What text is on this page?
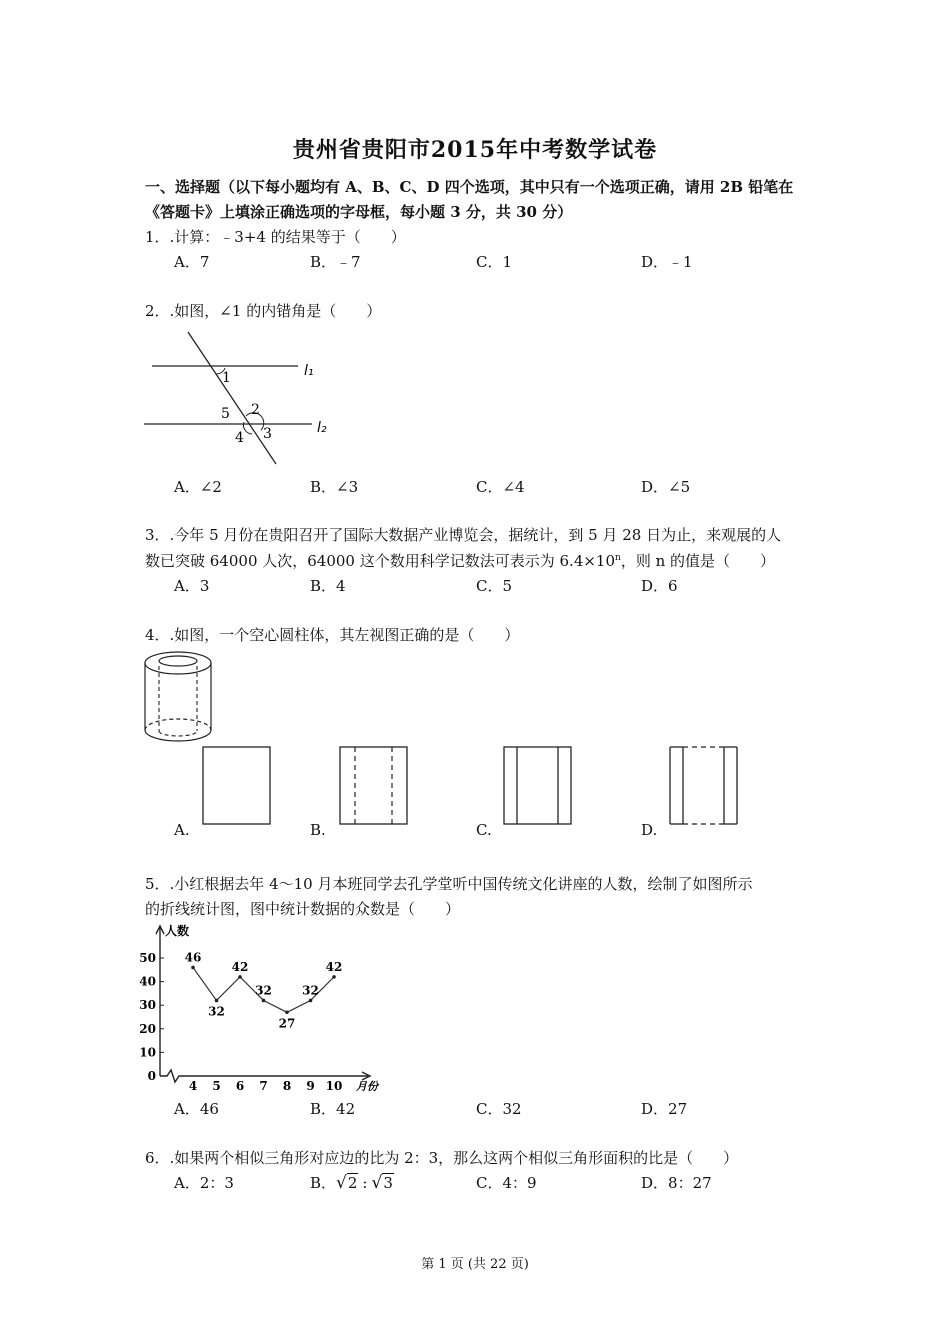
贵州省贵阳市2015年中考数学试卷
一、选择题（以下每小题均有 A、B、C、D 四个选项，其中只有一个选项正确，请用 2B 铅笔在
《答题卡》上填涂正确选项的字母框，每小题 3 分，共 30 分）
1．.计算：﹣3+4 的结果等于（　　）
A．7	B．﹣7	C．1	D．﹣1
2．.如图，∠1 的内错角是（　　）
1
2
3
4
5
l₁
l₂
A．∠2	B．∠3	C．∠4	D．∠5
3．.今年 5 月份在贵阳召开了国际大数据产业博览会，据统计，到 5 月 28 日为止，来观展的人
数已突破 64000 人次，64000 这个数用科学记数法可表示为 $6.4\times 10^n$，则 n 的值是（　　）
A．3	B．4	C．5	D．6
4．.如图，一个空心圆柱体，其左视图正确的是（　　）
A.	B.	C.	D.
5．.小红根据去年 4～10 月本班同学去孔学堂听中国传统文化讲座的人数，绘制了如图所示
的折线统计图，图中统计数据的众数是（　　）
人数
月份
0
10
20
30
40
50
4 5 6 7 8 9 10
46
32
42
32
27
32
42
A．46	B．42	C．32	D．27
6．.如果两个相似三角形对应边的比为 2：3，那么这两个相似三角形面积的比是（　　）
A．2：3	B．√2 : √3	C．4：9	D．8：27
第 1 页 (共 22 页)
